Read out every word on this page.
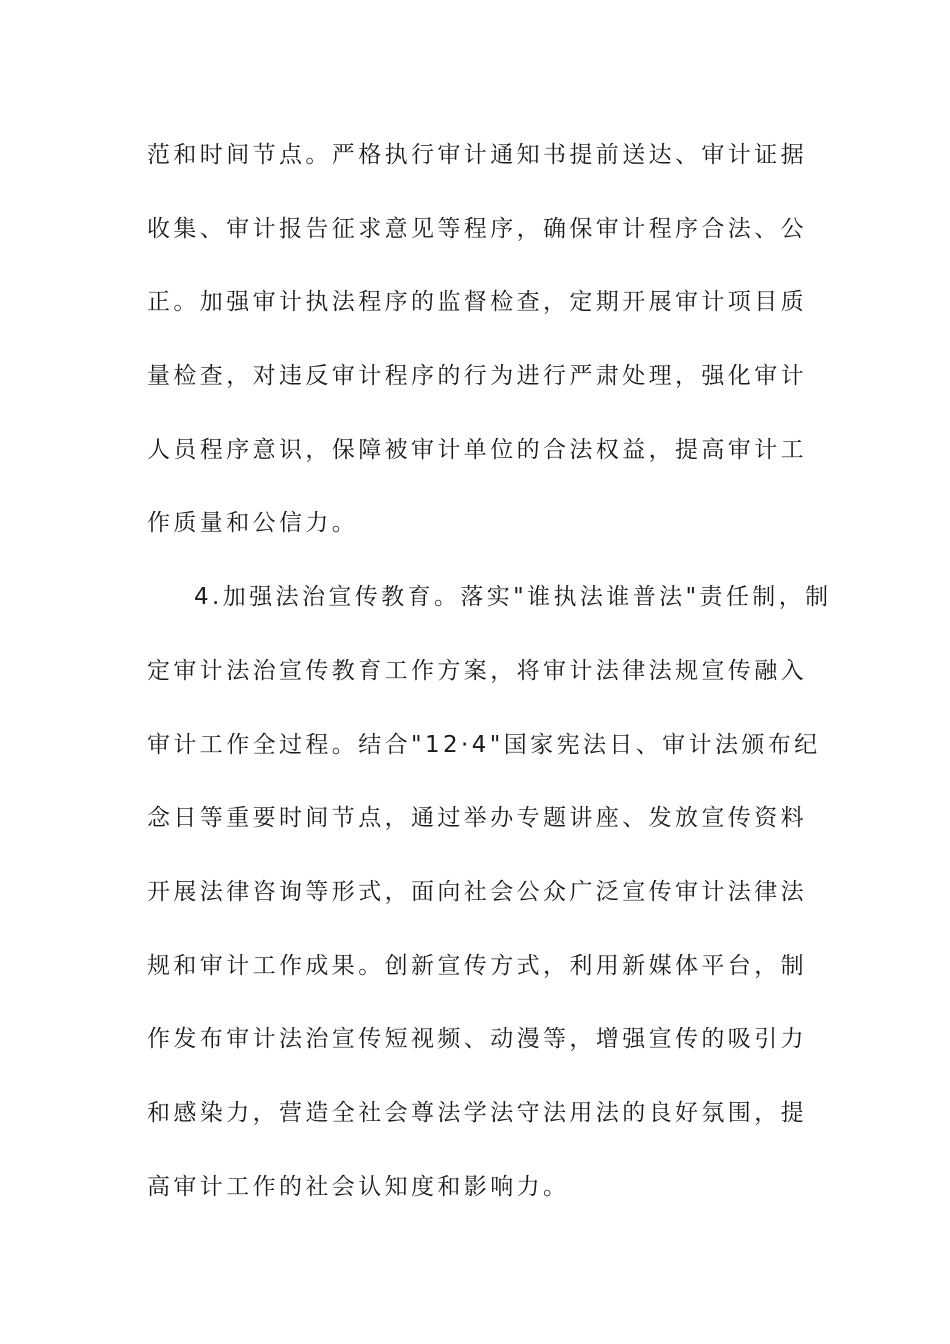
范和时间节点。严格执行审计通知书提前送达、审计证据
收集、审计报告征求意见等程序，确保审计程序合法、公
正。加强审计执法程序的监督检查，定期开展审计项目质
量检查，对违反审计程序的行为进行严肃处理，强化审计
人员程序意识，保障被审计单位的合法权益，提高审计工
作质量和公信力。
4.加强法治宣传教育。落实"谁执法谁普法"责任制，制
定审计法治宣传教育工作方案，将审计法律法规宣传融入
审计工作全过程。结合"12·4"国家宪法日、审计法颁布纪
念日等重要时间节点，通过举办专题讲座、发放宣传资料
开展法律咨询等形式，面向社会公众广泛宣传审计法律法
规和审计工作成果。创新宣传方式，利用新媒体平台，制
作发布审计法治宣传短视频、动漫等，增强宣传的吸引力
和感染力，营造全社会尊法学法守法用法的良好氛围，提
高审计工作的社会认知度和影响力。
